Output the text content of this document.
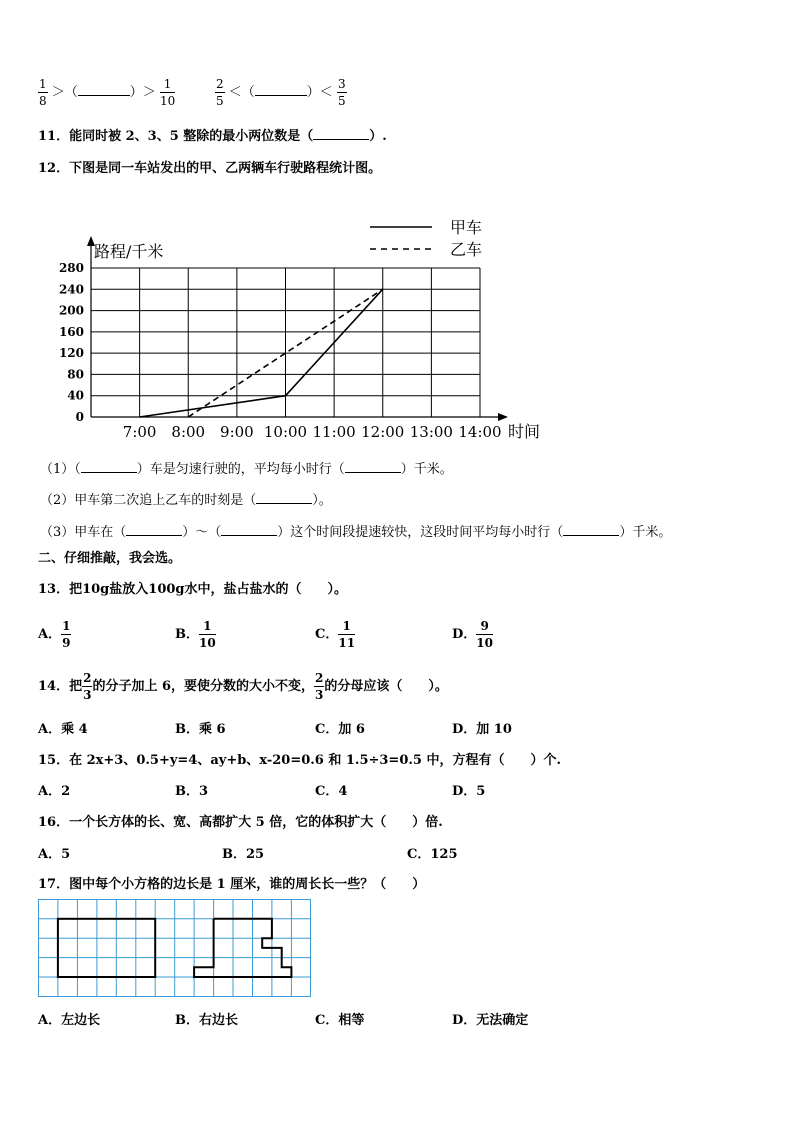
$\frac{1}{8}$ ＞（	）＞ $\frac{1}{10}$	$\frac{2}{5}$ ＜（	）＜ $\frac{3}{5}$
11．能同时被 2、3、5 整除的最小两位数是（	）.
12．下图是同一车站发出的甲、乙两辆车行驶路程统计图。
280
240
200
160
120
80
40
0
7:00 8:00 9:00 10:00 11:00 12:00 13:00 14:00
路程/千米
时间
甲车
乙车
（1）（	）车是匀速行驶的，平均每小时行（	）千米。
（2）甲车第二次追上乙车的时刻是（	）。
（3）甲车在（	）～（	）这个时间段提速较快，这段时间平均每小时行（	）千米。
二、仔细推敲，我会选。
13．把10g盐放入100g水中，盐占盐水的（　　）。
A． $\frac{1}{9}$	B． $\frac{1}{10}$	C． $\frac{1}{11}$	D． $\frac{9}{10}$
14．把 $\frac{2}{3}$ 的分子加上 6，要使分数的大小不变， $\frac{2}{3}$ 的分母应该（　　）。
A．乘 4	B．乘 6	C．加 6	D．加 10
15．在 2x+3、0.5+y=4、ay+b、x-20=0.6 和 1.5÷3=0.5 中，方程有（　　）个.
A．2	B．3	C．4	D．5
16．一个长方体的长、宽、高都扩大 5 倍，它的体积扩大（　　）倍.
A．5	B．25	C．125
17．图中每个小方格的边长是 1 厘米，谁的周长长一些？（　　）
A．左边长	B．右边长	C．相等	D．无法确定
